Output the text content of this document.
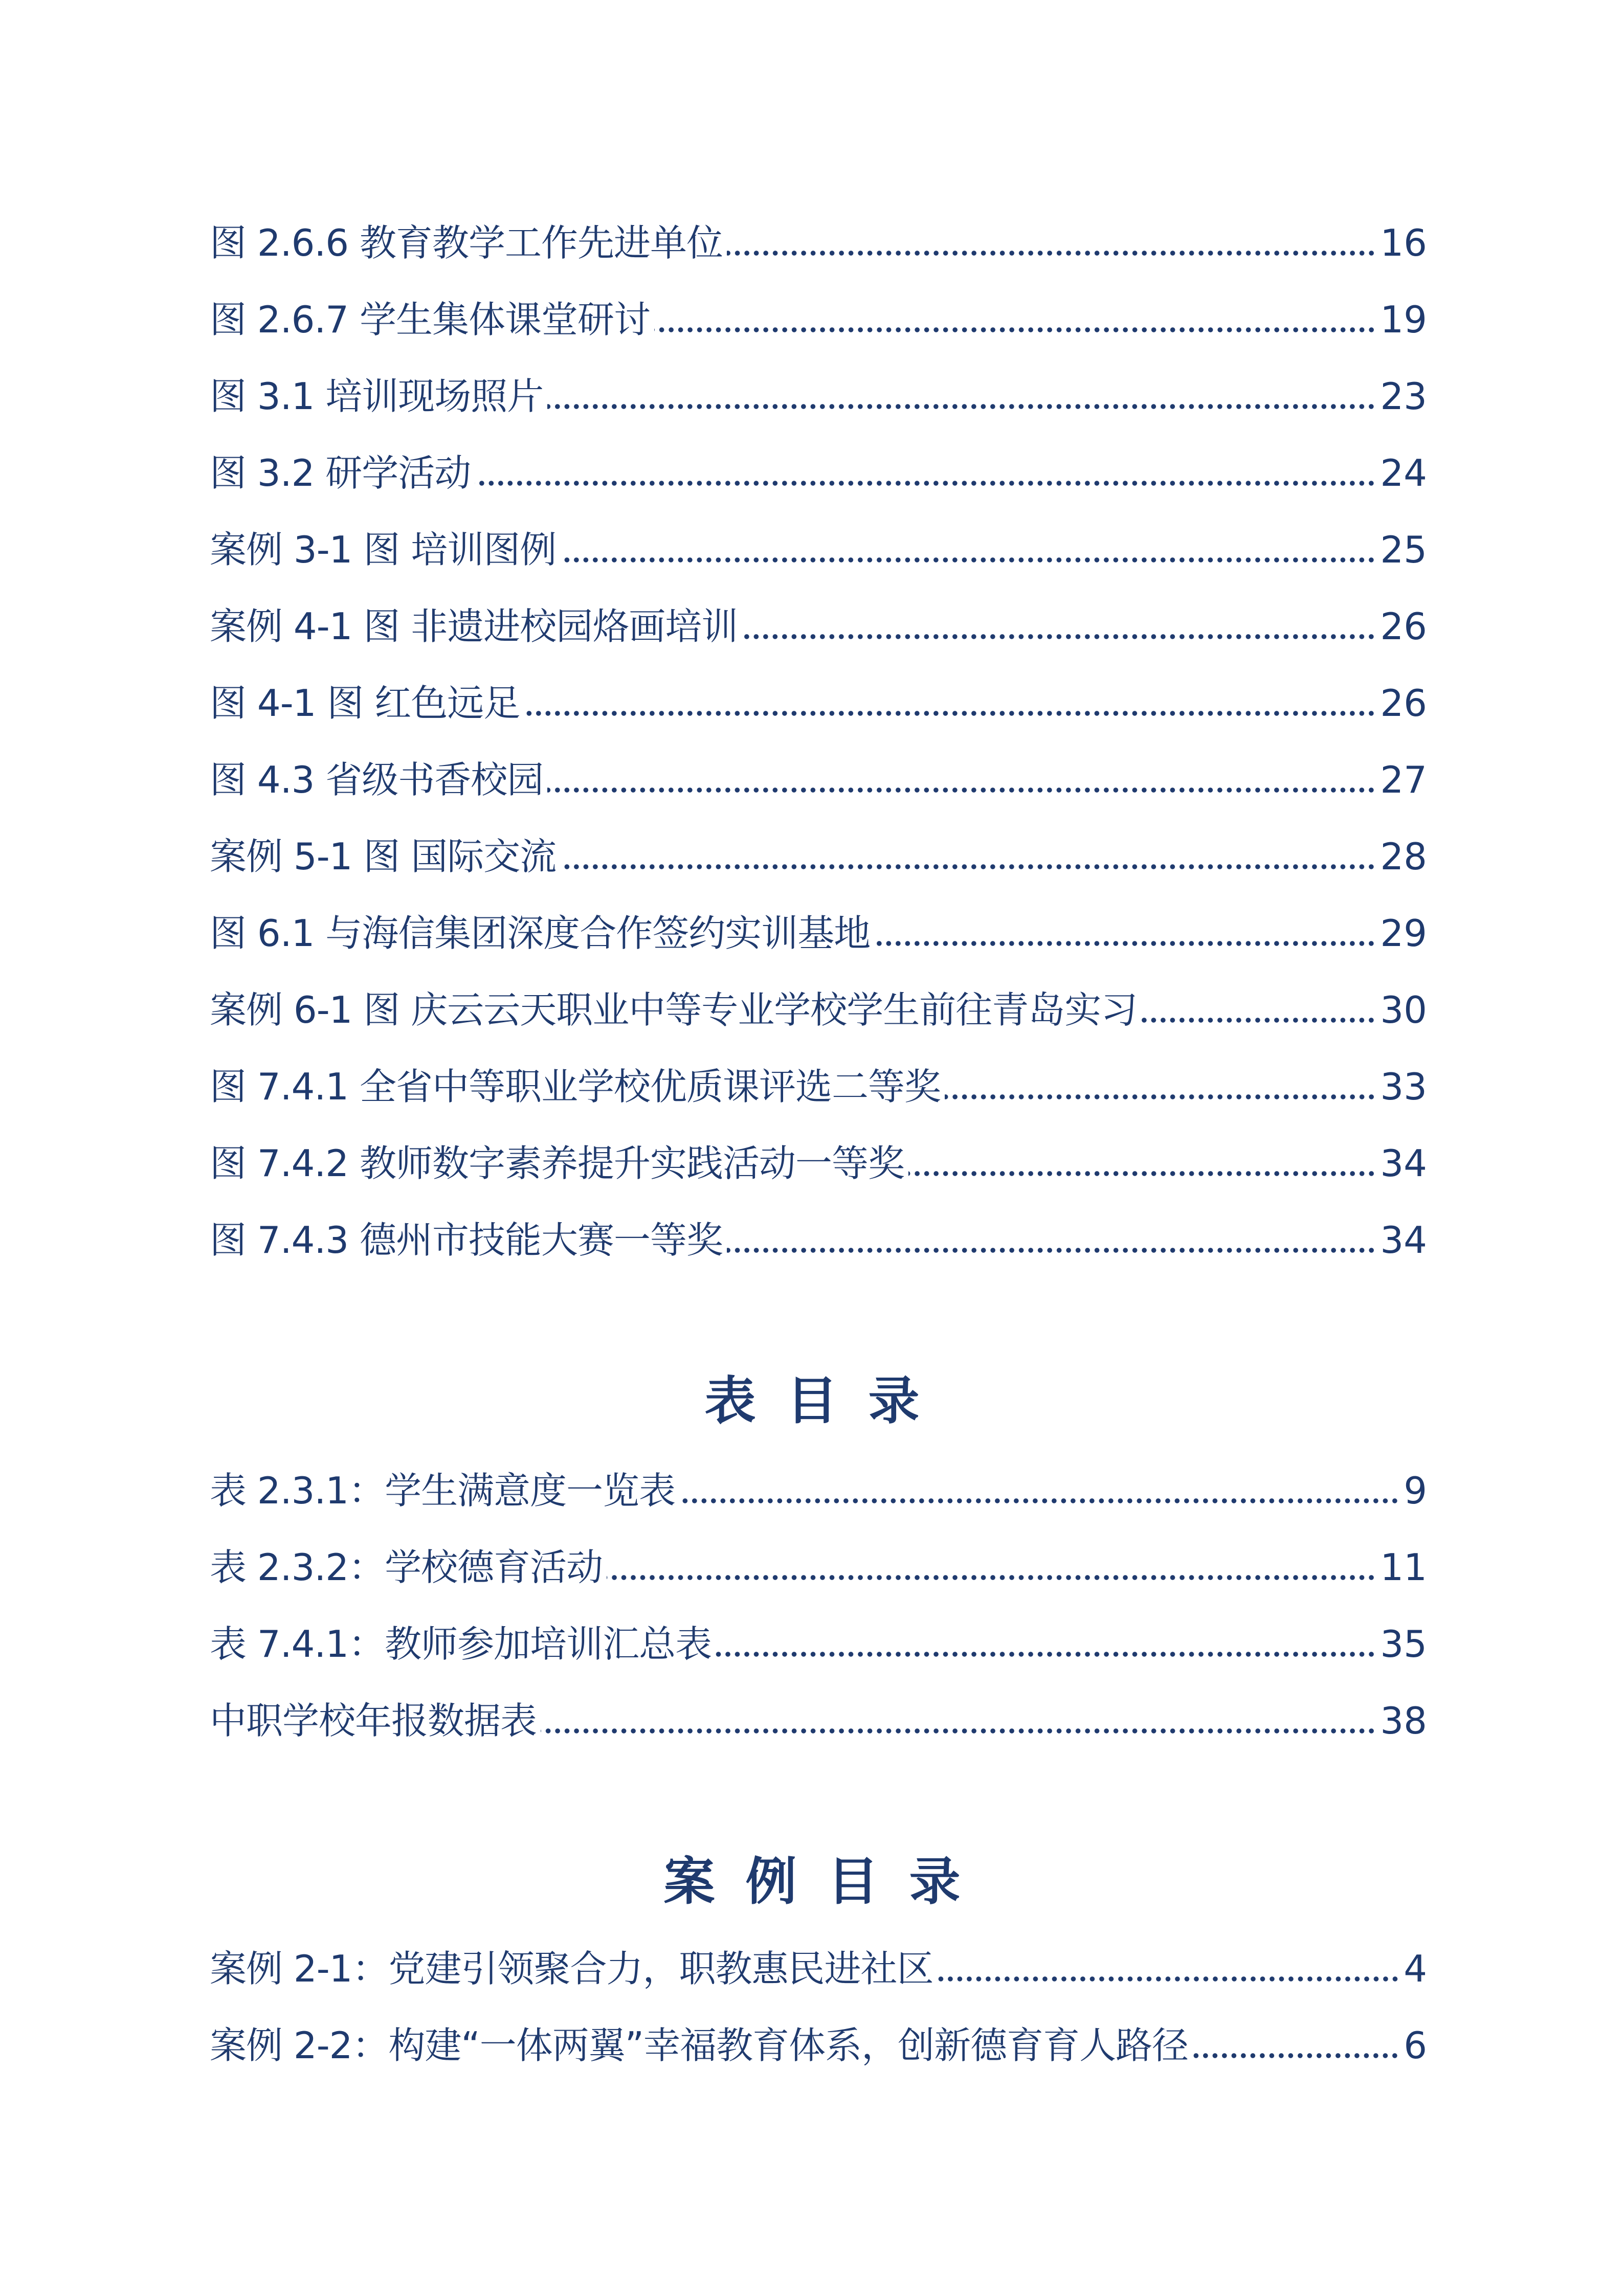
图 2.6.6 教育教学工作先进单位	16
图 2.6.7 学生集体课堂研讨	19
图 3.1 培训现场照片	23
图 3.2 研学活动	24
案例 3-1 图 培训图例	25
案例 4-1 图 非遗进校园烙画培训	26
图 4-1 图 红色远足	26
图 4.3 省级书香校园	27
案例 5-1 图 国际交流	28
图 6.1 与海信集团深度合作签约实训基地	29
案例 6-1 图 庆云云天职业中等专业学校学生前往青岛实习	30
图 7.4.1 全省中等职业学校优质课评选二等奖	33
图 7.4.2 教师数字素养提升实践活动一等奖	34
图 7.4.3 德州市技能大赛一等奖	34
表目录
表 2.3.1：学生满意度一览表	9
表 2.3.2：学校德育活动	11
表 7.4.1：教师参加培训汇总表	35
中职学校年报数据表	38
案例目录
案例 2-1：党建引领聚合力，职教惠民进社区	4
案例 2-2：构建“一体两翼”幸福教育体系，创新德育育人路径	6
